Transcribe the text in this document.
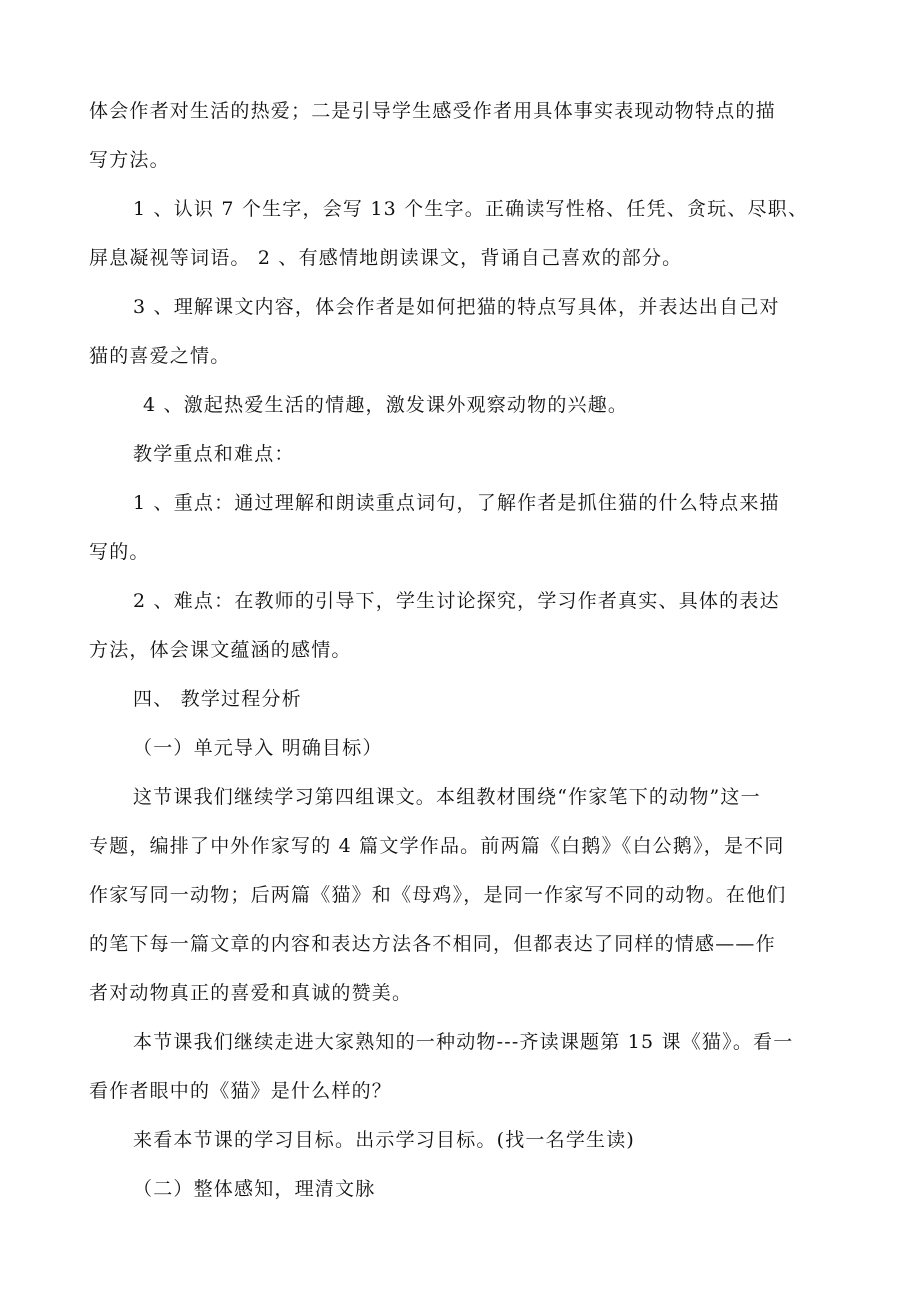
体会作者对生活的热爱；二是引导学生感受作者用具体事实表现动物特点的描
写方法。
1 、认识 7 个生字，会写 13 个生字。正确读写性格、任凭、贪玩、尽职、
屏息凝视等词语。 2 、有感情地朗读课文，背诵自己喜欢的部分。
3 、理解课文内容，体会作者是如何把猫的特点写具体，并表达出自己对
猫的喜爱之情。
4 、激起热爱生活的情趣，激发课外观察动物的兴趣。
教学重点和难点：
1 、重点：通过理解和朗读重点词句，了解作者是抓住猫的什么特点来描
写的。
2 、难点：在教师的引导下，学生讨论探究，学习作者真实、具体的表达
方法，体会课文蕴涵的感情。
四、 教学过程分析
（一）单元导入 明确目标）
这节课我们继续学习第四组课文。本组教材围绕“作家笔下的动物”这一
专题，编排了中外作家写的 4 篇文学作品。前两篇《白鹅》《白公鹅》，是不同
作家写同一动物；后两篇《猫》和《母鸡》，是同一作家写不同的动物。在他们
的笔下每一篇文章的内容和表达方法各不相同，但都表达了同样的情感——作
者对动物真正的喜爱和真诚的赞美。
本节课我们继续走进大家熟知的一种动物---齐读课题第 15 课《猫》。看一
看作者眼中的《猫》是什么样的？
来看本节课的学习目标。出示学习目标。(找一名学生读)
（二）整体感知，理清文脉
